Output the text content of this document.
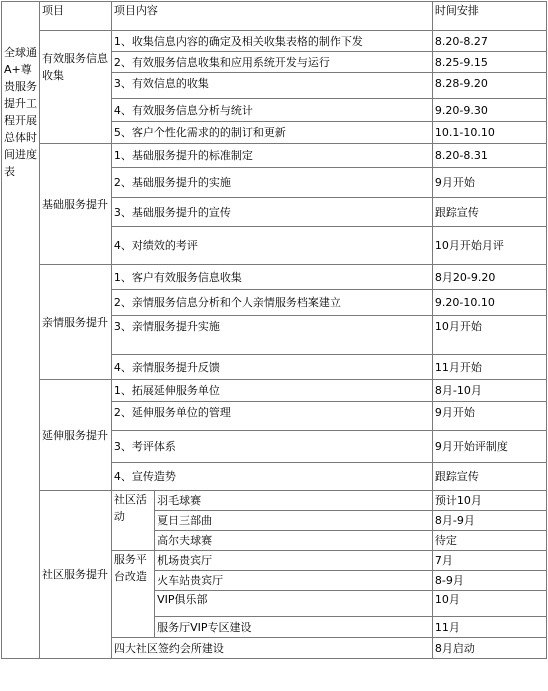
全球通A+尊贵服务提升工程开展总体时间进度表	项目	项目内容		时间安排
	有效服务信息收集	1、收集信息内容的确定及相关收集表格的制作下发		8.20-8.27
		2、有效服务信息收集和应用系统开发与运行		8.25-9.15
		3、有效信息的收集		8.28-9.20
		4、有效服务信息分析与统计		9.20-9.30
		5、客户个性化需求的的制订和更新		10.1-10.10
	基础服务提升	1、基础服务提升的标准制定		8.20-8.31
		2、基础服务提升的实施		9月开始
		3、基础服务提升的宣传		跟踪宣传
		4、对绩效的考评		10月开始月评
	亲情服务提升	1、客户有效服务信息收集		8月20-9.20
		2、亲情服务信息分析和个人亲情服务档案建立		9.20-10.10
		3、亲情服务提升实施		10月开始
		4、亲情服务提升反馈		11月开始
	延伸服务提升	1、拓展延伸服务单位		8月-10月
		2、延伸服务单位的管理		9月开始
		3、考评体系		9月开始评制度
		4、宣传造势		跟踪宣传
	社区服务提升	社区活动	羽毛球赛	预计10月
			夏日三部曲	8月-9月
			高尔夫球赛	待定
		服务平台改造	机场贵宾厅	7月
			火车站贵宾厅	8-9月
			VIP俱乐部	10月
			服务厅VIP专区建设	11月
		四大社区签约会所建设		8月启动
